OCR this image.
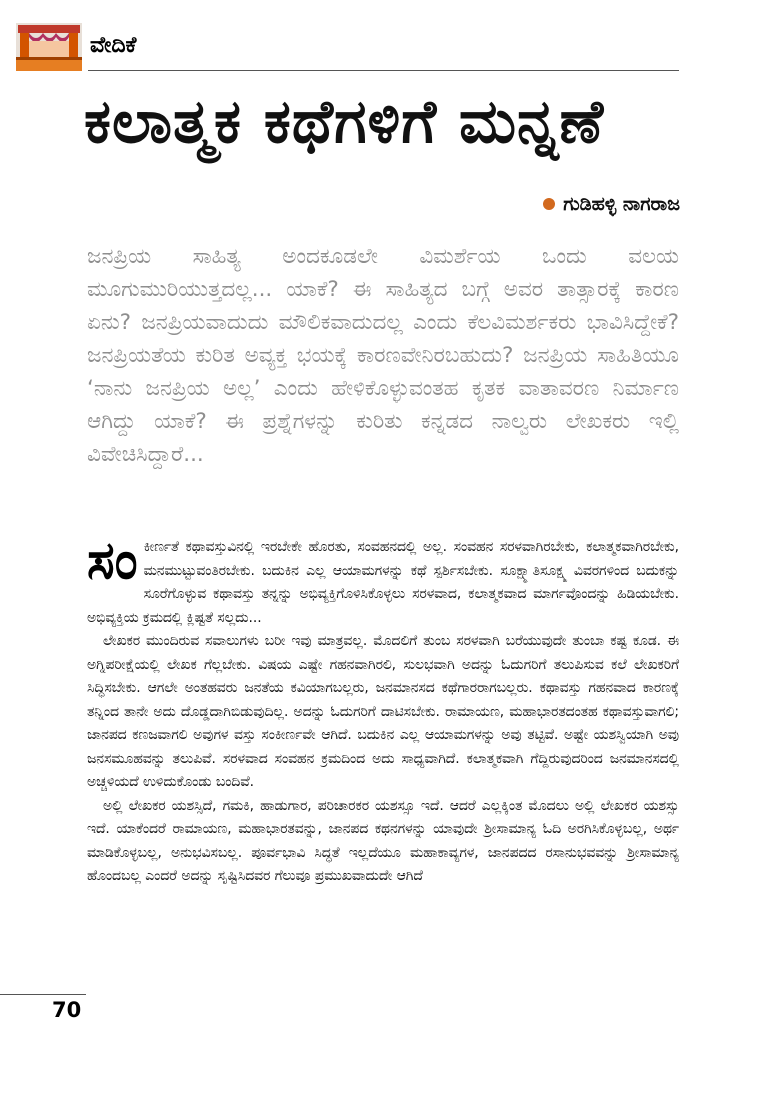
ವೇದಿಕೆ
ಕಲಾತ್ಮಕ ಕಥೆಗಳಿಗೆ ಮನ್ನಣೆ
ಗುಡಿಹಳ್ಳಿ ನಾಗರಾಜ
ಜನಪ್ರಿಯ ಸಾಹಿತ್ಯ ಅಂದಕೂಡಲೇ ವಿಮರ್ಶೆಯ ಒಂದು ವಲಯ ಮೂಗುಮುರಿಯುತ್ತದಲ್ಲ... ಯಾಕೆ? ಈ ಸಾಹಿತ್ಯದ ಬಗ್ಗೆ ಅವರ ತಾತ್ಸಾರಕ್ಕೆ ಕಾರಣ ಏನು? ಜನಪ್ರಿಯವಾದುದು ಮೌಲಿಕವಾದುದಲ್ಲ ಎಂದು ಕೆಲವಿಮರ್ಶಕರು ಭಾವಿಸಿದ್ದೇಕೆ? ಜನಪ್ರಿಯತೆಯ ಕುರಿತ ಅವ್ಯಕ್ತ ಭಯಕ್ಕೆ ಕಾರಣವೇನಿರಬಹುದು? ಜನಪ್ರಿಯ ಸಾಹಿತಿಯೂ ‘ನಾನು ಜನಪ್ರಿಯ ಅಲ್ಲ’ ಎಂದು ಹೇಳಿಕೊಳ್ಳುವಂತಹ ಕೃತಕ ವಾತಾವರಣ ನಿರ್ಮಾಣ ಆಗಿದ್ದು ಯಾಕೆ? ಈ ಪ್ರಶ್ನೆಗಳನ್ನು ಕುರಿತು ಕನ್ನಡದ ನಾಲ್ವರು ಲೇಖಕರು ಇಲ್ಲಿ ವಿವೇಚಿಸಿದ್ದಾರೆ...

ಸಂಕೀರ್ಣತೆ ಕಥಾವಸ್ತುವಿನಲ್ಲಿ ಇರಬೇಕೇ ಹೊರತು, ಸಂವಹನದಲ್ಲಿ ಅಲ್ಲ. ಸಂವಹನ ಸರಳವಾಗಿರಬೇಕು, ಕಲಾತ್ಮಕವಾಗಿರಬೇಕು, ಮನಮುಟ್ಟುವಂತಿರಬೇಕು. ಬದುಕಿನ ಎಲ್ಲ ಆಯಾಮಗಳನ್ನು ಕಥೆ ಸ್ಪರ್ಶಿಸಬೇಕು. ಸೂಕ್ಷ್ಮಾತಿಸೂಕ್ಷ್ಮ ವಿವರಗಳಿಂದ ಬದುಕನ್ನು ಸೂರೆಗೊಳ್ಳುವ ಕಥಾವಸ್ತು ತನ್ನನ್ನು ಅಭಿವ್ಯಕ್ತಿಗೊಳಿಸಿಕೊಳ್ಳಲು ಸರಳವಾದ, ಕಲಾತ್ಮಕವಾದ ಮಾರ್ಗವೊಂದನ್ನು ಹಿಡಿಯಬೇಕು. ಅಭಿವ್ಯಕ್ತಿಯ ಕ್ರಮದಲ್ಲಿ ಕ್ಲಿಷ್ಟತೆ ಸಲ್ಲದು...

ಲೇಖಕರ ಮುಂದಿರುವ ಸವಾಲುಗಳು ಬರೀ ಇವು ಮಾತ್ರವಲ್ಲ. ಮೊದಲಿಗೆ ತುಂಬ ಸರಳವಾಗಿ ಬರೆಯುವುದೇ ತುಂಬಾ ಕಷ್ಟ ಕೂಡ. ಈ ಅಗ್ನಿಪರೀಕ್ಷೆಯಲ್ಲಿ ಲೇಖಕ ಗೆಲ್ಲಬೇಕು. ವಿಷಯ ಎಷ್ಟೇ ಗಹನವಾಗಿರಲಿ, ಸುಲಭವಾಗಿ ಅದನ್ನು ಓದುಗರಿಗೆ ತಲುಪಿಸುವ ಕಲೆ ಲೇಖಕರಿಗೆ ಸಿದ್ಧಿಸಬೇಕು. ಆಗಲೇ ಅಂತಹವರು ಜನತೆಯ ಕವಿಯಾಗಬಲ್ಲರು, ಜನಮಾನಸದ ಕಥೆಗಾರರಾಗಬಲ್ಲರು. ಕಥಾವಸ್ತು ಗಹನವಾದ ಕಾರಣಕ್ಕೆ ತನ್ನಿಂದ ತಾನೇ ಅದು ದೊಡ್ಡದಾಗಿಬಿಡುವುದಿಲ್ಲ. ಅದನ್ನು ಓದುಗರಿಗೆ ದಾಟಿಸಬೇಕು. ರಾಮಾಯಣ, ಮಹಾಭಾರತದಂತಹ ಕಥಾವಸ್ತುವಾಗಲಿ; ಜಾನಪದ ಕಣಜವಾಗಲಿ ಅವುಗಳ ವಸ್ತು ಸಂಕೀರ್ಣವೇ ಆಗಿದೆ. ಬದುಕಿನ ಎಲ್ಲ ಆಯಾಮಗಳನ್ನು ಅವು ತಟ್ಟಿವೆ. ಅಷ್ಟೇ ಯಶಸ್ವಿಯಾಗಿ ಅವು ಜನಸಮೂಹವನ್ನು ತಲುಪಿವೆ. ಸರಳವಾದ ಸಂವಹನ ಕ್ರಮದಿಂದ ಅದು ಸಾಧ್ಯವಾಗಿದೆ. ಕಲಾತ್ಮಕವಾಗಿ ಗೆದ್ದಿರುವುದರಿಂದ ಜನಮಾನಸದಲ್ಲಿ ಅಚ್ಚಳಿಯದೆ ಉಳಿದುಕೊಂಡು ಬಂದಿವೆ.

ಅಲ್ಲಿ ಲೇಖಕರ ಯಶಸ್ಸಿದೆ, ಗಮಕಿ, ಹಾಡುಗಾರ, ಪರಿಚಾರಕರ ಯಶಸ್ಸೂ ಇದೆ. ಆದರೆ ಎಲ್ಲಕ್ಕಿಂತ ಮೊದಲು ಅಲ್ಲಿ ಲೇಖಕರ ಯಶಸ್ಸು ಇದೆ. ಯಾಕೆಂದರೆ ರಾಮಾಯಣ, ಮಹಾಭಾರತವನ್ನು, ಜಾನಪದ ಕಥನಗಳನ್ನು ಯಾವುದೇ ಶ್ರೀಸಾಮಾನ್ಯ ಓದಿ ಅರಗಿಸಿಕೊಳ್ಳಬಲ್ಲ, ಅರ್ಥ ಮಾಡಿಕೊಳ್ಳಬಲ್ಲ, ಅನುಭವಿಸಬಲ್ಲ. ಪೂರ್ವಭಾವಿ ಸಿದ್ಧತೆ ಇಲ್ಲದೆಯೂ ಮಹಾಕಾವ್ಯಗಳ, ಜಾನಪದದ ರಸಾನುಭವವನ್ನು ಶ್ರೀಸಾಮಾನ್ಯ ಹೊಂದಬಲ್ಲ ಎಂದರೆ ಅದನ್ನು ಸೃಷ್ಟಿಸಿದವರ ಗೆಲುವೂ ಪ್ರಮುಖವಾದುದೇ ಆಗಿದೆ

70
